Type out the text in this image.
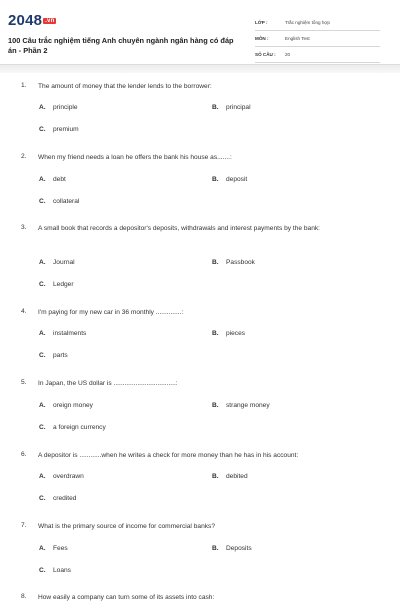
2048 $^{.vn}$
100 Câu trắc nghiệm tiếng Anh chuyên ngành ngân hàng có đáp án - Phần 2
LỚP :	Trắc nghiệm tổng hợp
MÔN :	English Test
SỐ CÂU :	20
1. The amount of money that the lender lends to the borrower:
A. principle	B. principal
C. premium
2. When my friend needs a loan he offers the bank his house as.......:
A. debt	B. deposit
C. collateral
3. A small book that records a depositor's deposits, withdrawals and interest payments by the bank:
A. Journal	B. Passbook
C. Ledger
4. I'm paying for my new car in 36 monthly ..............:
A. instalments	B. pieces
C. parts
5. In Japan, the US dollar is ..................................:
A. oreign money	B. strange money
C. a foreign currency
6. A depositor is ............when he writes a check for more money than he has in his account:
A. overdrawn	B. debited
C. credited
7. What is the primary source of income for commercial banks?
A. Fees	B. Deposits
C. Loans
8. How easily a company can turn some of its assets into cash:
